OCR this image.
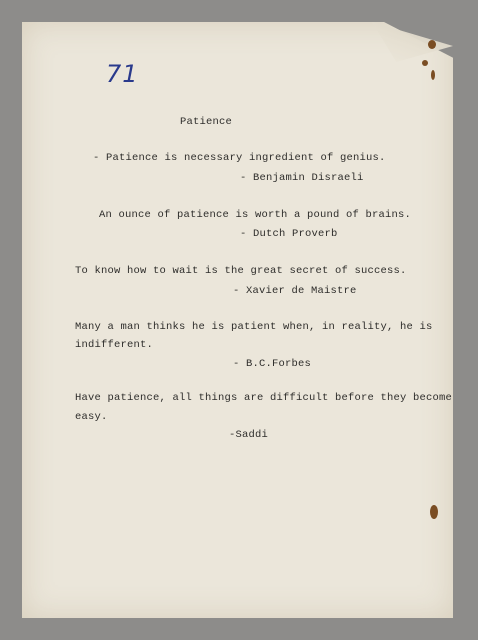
71
Patience
- Patience is necessary ingredient of genius.
- Benjamin Disraeli
An ounce of patience is worth a pound of brains.
- Dutch Proverb
To know how to wait is the great secret of success.
- Xavier de Maistre
Many a man thinks he is patient when, in reality, he is
indifferent.
- B.C.Forbes
Have patience, all things are difficult before they become
easy.
-Saddi
